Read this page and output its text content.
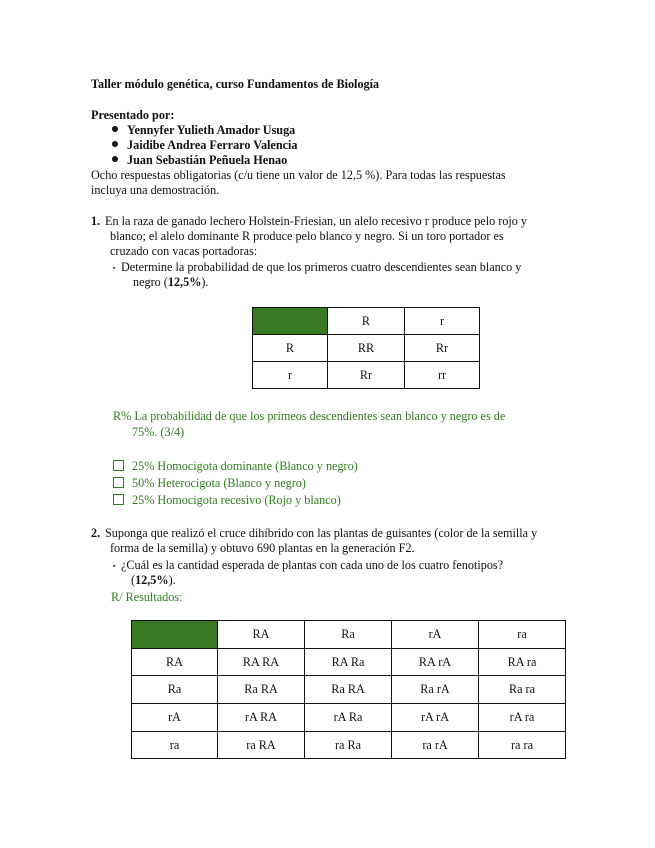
Taller módulo genética, curso Fundamentos de Biología
Presentado por:
Yennyfer Yulieth Amador Usuga
Jaidibe Andrea Ferraro Valencia
Juan Sebastián Peñuela Henao
Ocho respuestas obligatorias (c/u tiene un valor de 12,5 %). Para todas las respuestas
incluya una demostración.
1. En la raza de ganado lechero Holstein-Friesian, un alelo recesivo r produce pelo rojo y
blanco; el alelo dominante R produce pelo blanco y negro. Si un toro portador es
cruzado con vacas portadoras:
▪ Determine la probabilidad de que los primeros cuatro descendientes sean blanco y
negro (12,5%).
	R	r
R	RR	Rr
r	Rr	rr
R% La probabilidad de que los primeos descendientes sean blanco y negro es de
75%. (3/4)
25% Homocigota dominante (Blanco y negro)
50% Heterocigota (Blanco y negro)
25% Homocigota recesivo (Rojo y blanco)
2. Suponga que realizó el cruce dihíbrido con las plantas de guisantes (color de la semilla y
forma de la semilla) y obtuvo 690 plantas en la generación F2.
▪ ¿Cuál es la cantidad esperada de plantas con cada uno de los cuatro fenotipos?
(12,5%).
R/ Resultados:
	RA	Ra	rA	ra
RA	RA RA	RA Ra	RA rA	RA ra
Ra	Ra RA	Ra RA	Ra rA	Ra ra
rA	rA RA	rA Ra	rA rA	rA ra
ra	ra RA	ra Ra	ra rA	ra ra
